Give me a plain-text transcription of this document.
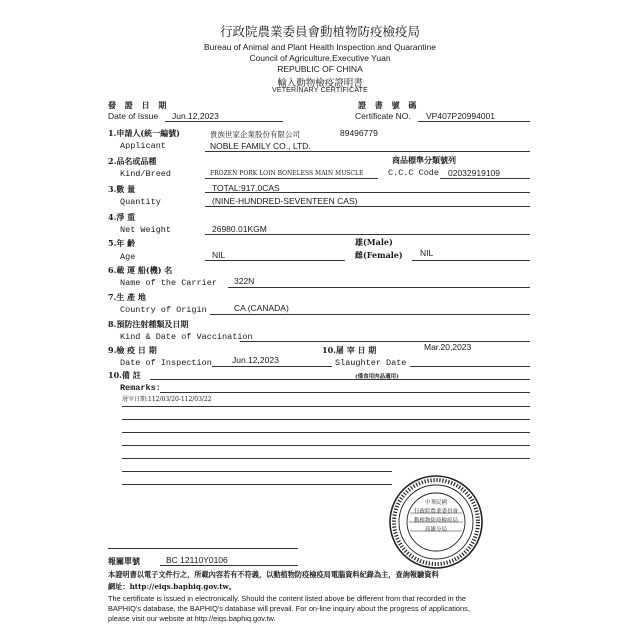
行政院農業委員會動植物防疫檢疫局
Bureau of Animal and Plant Health Inspection and Quarantine
Council of Agriculture,Executive Yuan
REPUBLIC OF CHINA
輸入動物檢疫證明書
VETERINARY CERTIFICATE
發 證 日 期
Date of Issue Jun.12,2023
證 書 號 碼
Certificate NO. VP407P20994001
1.申請人(統一編號)	貴族世家企業股份有限公司	89496779
Applicant	NOBLE FAMILY CO., LTD.
2.品名或品種	商品標準分類號列
Kind/Breed	FROZEN PORK LOIN BONELESS MAIN MUSCLE	C.C.C Code 02032919109
3.數 量	TOTAL:917.0CAS
Quantity	(NINE-HUNDRED-SEVENTEEN CAS)
4.淨 重
Net Weight	26980.01KGM
5.年 齡	雄(Male)
Age	NIL	雌(Female) NIL
6.載 運 船(機) 名
Name of the Carrier 322N
7.生 產 地
Country of Origin	CA (CANADA)
8.預防注射種類及日期
Kind & Date of Vaccination
9.檢 疫 日 期
Date of Inspection Jun.12,2023
10.屠 宰 日 期	Mar.20,2023
Slaughter Date
10.備 註	(僅食用肉品適用)
Remarks:
屠宰日期:112/03/20-112/03/22
中華民國
行政院農業委員會
動植物防疫檢疫局
高雄分局
報關單號	BC 12110Y0106
本證明書以電子文件行之，所載內容若有不符義，以動植物防疫檢疫局電腦資料紀錄為主，查詢報驗資料
網址：http://eiqs.baphiq.gov.tw。
The certificate is issued in electronically. Should the content listed above be different from that recorded in the
BAPHIQ's database, the BAPHIQ's database will prevail. For on-line inquiry about the progress of applications,
please visit our website at http://eiqs.baphiq.gov.tw.
